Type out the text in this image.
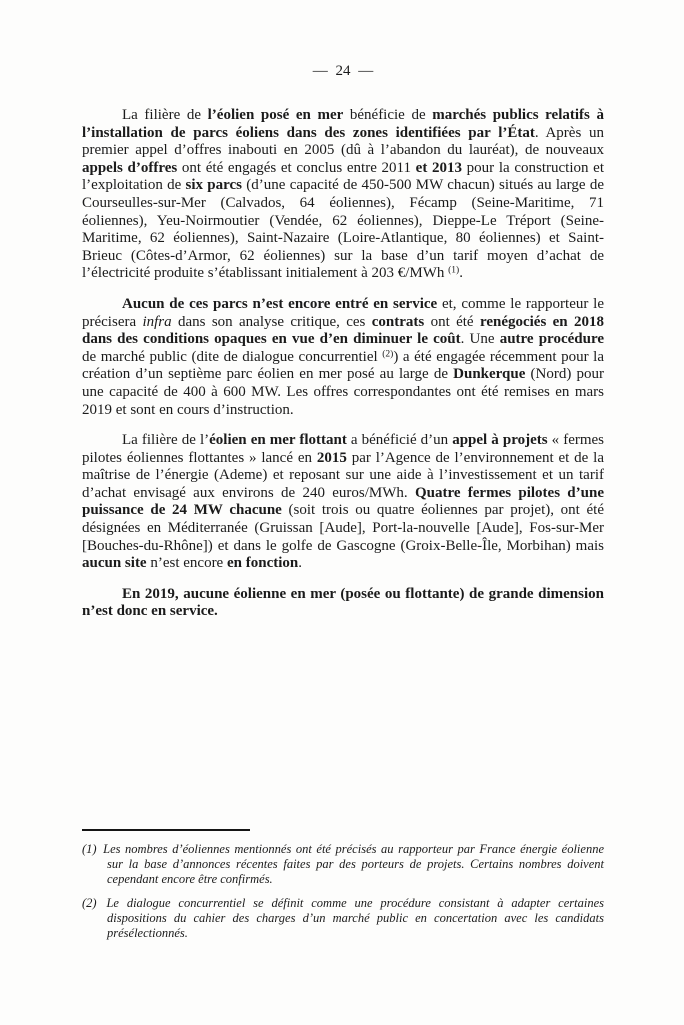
— 24 —

La filière de l’éolien posé en mer bénéficie de marchés publics relatifs à l’installation de parcs éoliens dans des zones identifiées par l’État. Après un premier appel d’offres inabouti en 2005 (dû à l’abandon du lauréat), de nouveaux appels d’offres ont été engagés et conclus entre 2011 et 2013 pour la construction et l’exploitation de six parcs (d’une capacité de 450-500 MW chacun) situés au large de Courseulles-sur-Mer (Calvados, 64 éoliennes), Fécamp (Seine-Maritime, 71 éoliennes), Yeu-Noirmoutier (Vendée, 62 éoliennes), Dieppe-Le Tréport (Seine-Maritime, 62 éoliennes), Saint-Nazaire (Loire-Atlantique, 80 éoliennes) et Saint-Brieuc (Côtes-d’Armor, 62 éoliennes) sur la base d’un tarif moyen d’achat de l’électricité produite s’établissant initialement à 203 €/MWh $^{(1)}$.

Aucun de ces parcs n’est encore entré en service et, comme le rapporteur le précisera infra dans son analyse critique, ces contrats ont été renégociés en 2018 dans des conditions opaques en vue d’en diminuer le coût. Une autre procédure de marché public (dite de dialogue concurrentiel $^{(2)}$) a été engagée récemment pour la création d’un septième parc éolien en mer posé au large de Dunkerque (Nord) pour une capacité de 400 à 600 MW. Les offres correspondantes ont été remises en mars 2019 et sont en cours d’instruction.

La filière de l’éolien en mer flottant a bénéficié d’un appel à projets « fermes pilotes éoliennes flottantes » lancé en 2015 par l’Agence de l’environnement et de la maîtrise de l’énergie (Ademe) et reposant sur une aide à l’investissement et un tarif d’achat envisagé aux environs de 240 euros/MWh. Quatre fermes pilotes d’une puissance de 24 MW chacune (soit trois ou quatre éoliennes par projet), ont été désignées en Méditerranée (Gruissan [Aude], Port-la-nouvelle [Aude], Fos-sur-Mer [Bouches-du-Rhône]) et dans le golfe de Gascogne (Groix-Belle-Île, Morbihan) mais aucun site n’est encore en fonction.

En 2019, aucune éolienne en mer (posée ou flottante) de grande dimension n’est donc en service.

(1) Les nombres d’éoliennes mentionnés ont été précisés au rapporteur par France énergie éolienne sur la base d’annonces récentes faites par des porteurs de projets. Certains nombres doivent cependant encore être confirmés.
(2) Le dialogue concurrentiel se définit comme une procédure consistant à adapter certaines dispositions du cahier des charges d’un marché public en concertation avec les candidats présélectionnés.
